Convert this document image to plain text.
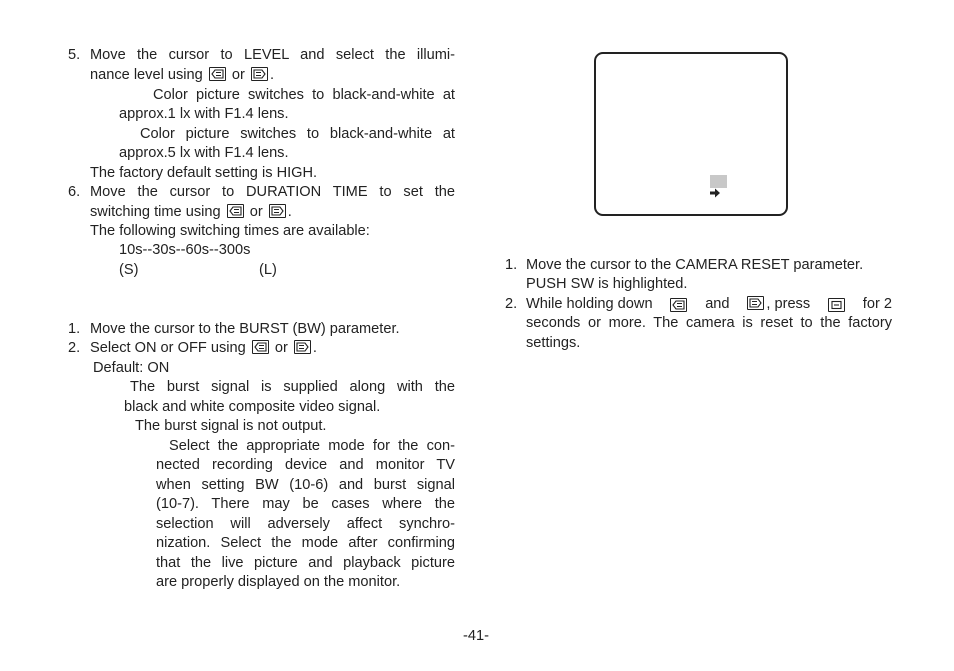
5. Move the cursor to LEVEL and select the illumi-
nance level using or .
Color picture switches to black-and-white at
approx.1 lx with F1.4 lens.
Color picture switches to black-and-white at
approx.5 lx with F1.4 lens.
The factory default setting is HIGH.
6. Move the cursor to DURATION TIME to set the
switching time using or .
The following switching times are available:
10s--30s--60s--300s
(S)	(L)
1. Move the cursor to the BURST (BW) parameter.
2. Select ON or OFF using or .
Default: ON
The burst signal is supplied along with the
black and white composite video signal.
The burst signal is not output.
Select the appropriate mode for the con-
nected recording device and monitor TV
when setting BW (10-6) and burst signal
(10-7). There may be cases where the
selection will adversely affect synchro-
nization. Select the mode after confirming
that the live picture and playback picture
are properly displayed on the monitor.
1. Move the cursor to the CAMERA RESET parameter.
PUSH SW is highlighted.
2. While holding down	and	, press	for 2
seconds or more. The camera is reset to the factory
settings.
-41-
